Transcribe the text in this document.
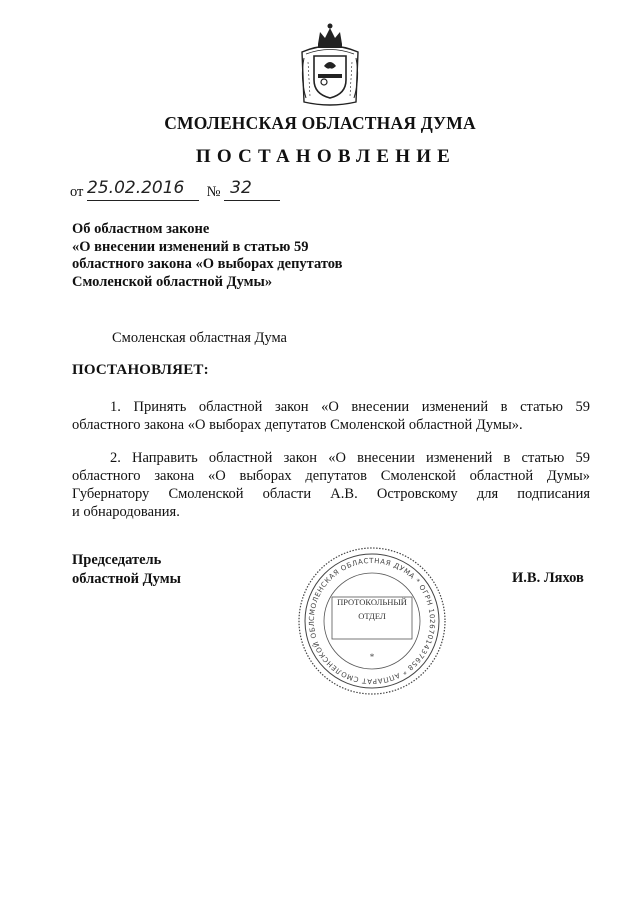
СМОЛЕНСКАЯ ОБЛАСТНАЯ ДУМА
ПОСТАНОВЛЕНИЕ
от 25.02.2016 № 32
Об областном законе
«О внесении изменений в статью 59
областного закона «О выборах депутатов
Смоленской областной Думы»
Смоленская областная Дума
ПОСТАНОВЛЯЕТ:
1. Принять областной закон «О внесении изменений в статью 59
областного закона «О выборах депутатов Смоленской областной Думы».
2. Направить областной закон «О внесении изменений в статью 59
областного закона «О выборах депутатов Смоленской областной Думы»
Губернатору Смоленской области А.В. Островскому для подписания
и обнародования.
Председатель
областной Думы
СМОЛЕНСКАЯ ОБЛАСТНАЯ ДУМА * ОГРН 1026701437658 * АППАРАТ СМОЛЕНСКОЙ ОБЛ
*
ПРОТОКОЛЬНЫЙ
ОТДЕЛ
И.В. Ляхов
